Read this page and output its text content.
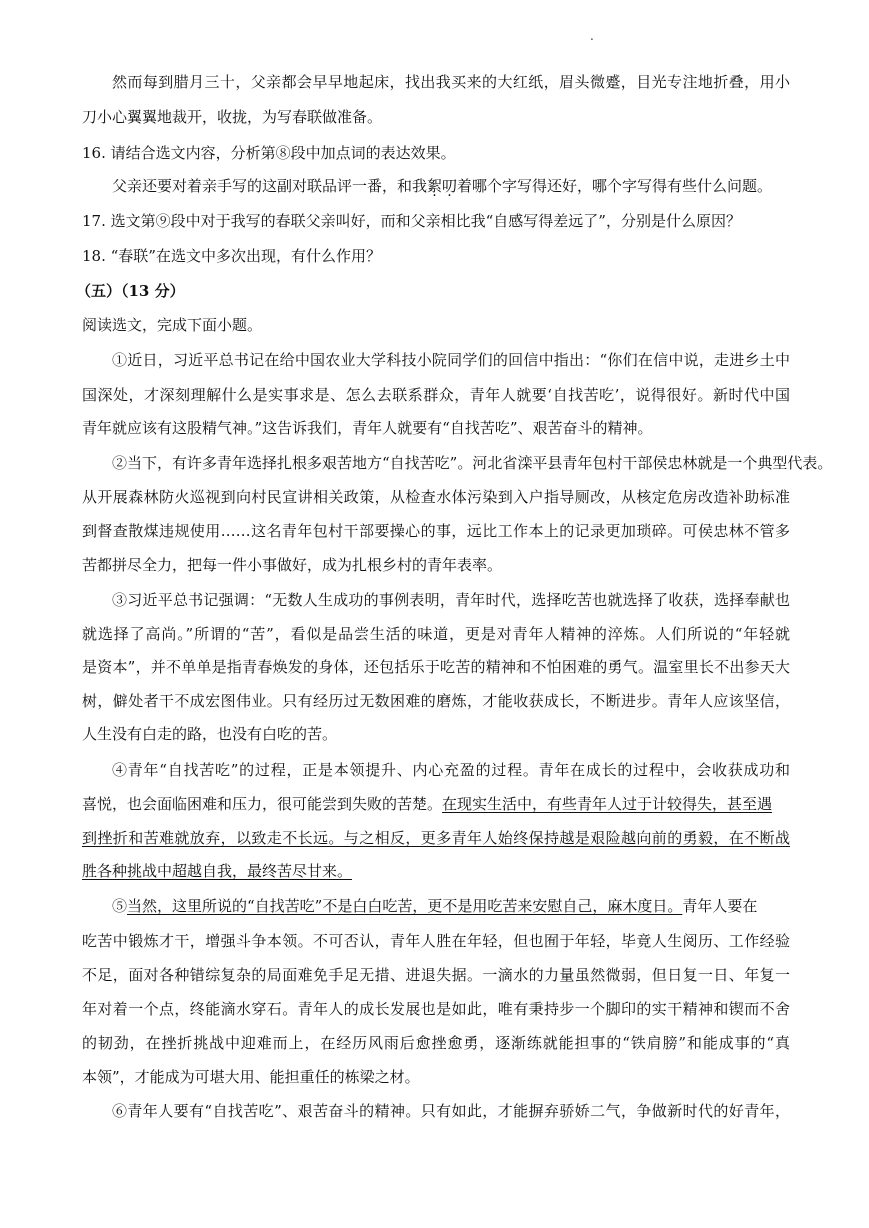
.
然而每到腊月三十，父亲都会早早地起床，找出我买来的大红纸，眉头微蹙，目光专注地折叠，用小
刀小心翼翼地裁开，收拢，为写春联做准备。
16. 请结合选文内容，分析第⑧段中加点词的表达效果。
父亲还要对着亲手写的这副对联品评一番，和我絮叨着哪个字写得还好，哪个字写得有些什么问题。
17. 选文第⑨段中对于我写的春联父亲叫好，而和父亲相比我“自感写得差远了”，分别是什么原因？
18. “春联”在选文中多次出现，有什么作用？
（五）（13 分）
阅读选文，完成下面小题。
①近日，习近平总书记在给中国农业大学科技小院同学们的回信中指出：“你们在信中说，走进乡土中
国深处，才深刻理解什么是实事求是、怎么去联系群众，青年人就要‘自找苦吃’，说得很好。新时代中国
青年就应该有这股精气神。”这告诉我们，青年人就要有“自找苦吃”、艰苦奋斗的精神。
②当下，有许多青年选择扎根多艰苦地方“自找苦吃”。河北省滦平县青年包村干部侯忠林就是一个典型代表。
从开展森林防火巡视到向村民宣讲相关政策，从检查水体污染到入户指导厕改，从核定危房改造补助标准
到督查散煤违规使用……这名青年包村干部要操心的事，远比工作本上的记录更加琐碎。可侯忠林不管多
苦都拼尽全力，把每一件小事做好，成为扎根乡村的青年表率。
③习近平总书记强调：“无数人生成功的事例表明，青年时代，选择吃苦也就选择了收获，选择奉献也
就选择了高尚。”所谓的“苦”，看似是品尝生活的味道，更是对青年人精神的淬炼。人们所说的“年轻就
是资本”，并不单单是指青春焕发的身体，还包括乐于吃苦的精神和不怕困难的勇气。温室里长不出参天大
树，僻处者干不成宏图伟业。只有经历过无数困难的磨炼，才能收获成长，不断进步。青年人应该坚信，
人生没有白走的路，也没有白吃的苦。
④青年“自找苦吃”的过程，正是本领提升、内心充盈的过程。青年在成长的过程中，会收获成功和
喜悦，也会面临困难和压力，很可能尝到失败的苦楚。在现实生活中，有些青年人过于计较得失，甚至遇
到挫折和苦难就放弃，以致走不长远。与之相反，更多青年人始终保持越是艰险越向前的勇毅，在不断战
胜各种挑战中超越自我，最终苦尽甘来。
⑤当然，这里所说的“自找苦吃”不是白白吃苦，更不是用吃苦来安慰自己，麻木度日。青年人要在
吃苦中锻炼才干，增强斗争本领。不可否认，青年人胜在年轻，但也囿于年轻，毕竟人生阅历、工作经验
不足，面对各种错综复杂的局面难免手足无措、进退失据。一滴水的力量虽然微弱，但日复一日、年复一
年对着一个点，终能滴水穿石。青年人的成长发展也是如此，唯有秉持步一个脚印的实干精神和锲而不舍
的韧劲，在挫折挑战中迎难而上，在经历风雨后愈挫愈勇，逐渐练就能担事的“铁肩膀”和能成事的“真
本领”，才能成为可堪大用、能担重任的栋梁之材。
⑥青年人要有“自找苦吃”、艰苦奋斗的精神。只有如此，才能摒弃骄娇二气，争做新时代的好青年，
